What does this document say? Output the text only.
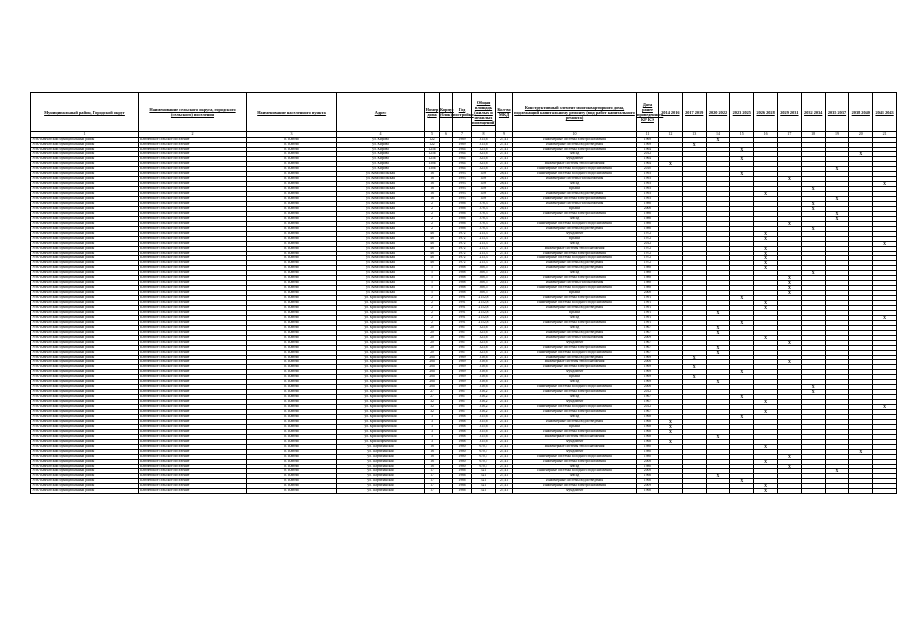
Муниципальный район, Городской округ	Наименование сельского округа, городского (сельского) поселения	Наименование населенного пункта	Адрес	Номер дома	Корпус (блок)	Год постройки	Общая площадь (жилых и нежилых помещений)	Кол-во МКД	Конструктивный элемент многоквартирного дома, подлежащий капитальному ремонту (вид работ капитального ремонта)	Дата ранее проведенного КР КЭ	2014 2016	2017 2019	2020 2022	2023 2025	2026 2028	2029 2031	2032 2034	2035 2037	2038 2040	2041 2043
1	2	3	4	5	6	7	8	9	10	11	12	13	14	15	16	17	18	19	20	21
Усть-Камчатский муниципальный район	Ключевское сельское поселение	п. Ключи	ул. Кирова	122		1969	313,6	27,41	Инженерные системы электроснабжения	1969			X							
Усть-Камчатский муниципальный район	Ключевское сельское поселение	п. Ключи	ул. Кирова	122		1969	313,6	27,41	Инженерные системы водоотведения	1969		X								
Усть-Камчатский муниципальный район	Ключевское сельское поселение	п. Ключи	ул. Кирова	125а		1964	323,6	27,41	Инженерные системы электроснабжения	1964				X						
Усть-Камчатский муниципальный район	Ключевское сельское поселение	п. Ключи	ул. Кирова	125а		1964	323,6	27,41	Фасад	2012									X	
Усть-Камчатский муниципальный район	Ключевское сельское поселение	п. Ключи	ул. Кирова	125а		1964	323,6	27,41	Фундамент	1964				X						
Усть-Камчатский муниципальный район	Ключевское сельское поселение	п. Ключи	ул. Кирова	130а		1964	323,6	27,41	Инженерные системы теплоснабжения	1964	X									
Усть-Камчатский муниципальный район	Ключевское сельское поселение	п. Ключи	ул. Кирова	130а		1964	323,6	27,41	Инженерные системы холодного водоснабжения	2010								X		
Усть-Камчатский муниципальный район	Ключевское сельское поселение	п. Ключи	ул. Комсомольская	16		1993	459	28,41	Инженерные системы холодного водоснабжения	1993				X						
Усть-Камчатский муниципальный район	Ключевское сельское поселение	п. Ключи	ул. Комсомольская	16		1993	459	28,41	Инженерные системы газоснабжения	1993						X				
Усть-Камчатский муниципальный район	Ключевское сельское поселение	п. Ключи	ул. Комсомольская	16		1993	459	28,41	Фасад	1993										X
Усть-Камчатский муниципальный район	Ключевское сельское поселение	п. Ключи	ул. Комсомольская	16		1993	459	28,41	Крыша	1993							X			
Усть-Камчатский муниципальный район	Ключевское сельское поселение	п. Ключи	ул. Комсомольская	16		1993	459	28,41	Инженерные системы водоотведения	1993					X					
Усть-Камчатский муниципальный район	Ключевское сельское поселение	п. Ключи	ул. Комсомольская	16		1993	459	28,41	Инженерные системы электроснабжения	1993								X		
Усть-Камчатский муниципальный район	Ключевское сельское поселение	п. Ключи	ул. Комсомольская	2		1986	378,3	26,41	Инженерные системы газоснабжения	1986							X			
Усть-Камчатский муниципальный район	Ключевское сельское поселение	п. Ключи	ул. Комсомольская	2		1986	378,3	26,41	Крыша	2006							X			
Усть-Камчатский муниципальный район	Ключевское сельское поселение	п. Ключи	ул. Комсомольская	2		1986	378,3	26,41	Инженерные системы электроснабжения	1986								X		
Усть-Камчатский муниципальный район	Ключевское сельское поселение	п. Ключи	ул. Комсомольская	2		1986	378,3	26,41	Фасад	1986								X		
Усть-Камчатский муниципальный район	Ключевское сельское поселение	п. Ключи	ул. Комсомольская	2		1986	378,3	26,41	Инженерные системы холодного водоснабжения	1986						X				
Усть-Камчатский муниципальный район	Ключевское сельское поселение	п. Ключи	ул. Комсомольская	2		1986	378,3	27,41	Инженерные системы водоотведения	1986							X			
Усть-Камчатский муниципальный район	Ключевское сельское поселение	п. Ключи	ул. Комсомольская	46		1972	213,3	27,41	Фундамент	1972					X					
Усть-Камчатский муниципальный район	Ключевское сельское поселение	п. Ключи	ул. Комсомольская	46		1972	213,3	27,41	Крыша	1972					X					
Усть-Камчатский муниципальный район	Ключевское сельское поселение	п. Ключи	ул. Комсомольская	46		1972	213,3	27,41	Фасад	2012										X
Усть-Камчатский муниципальный район	Ключевское сельское поселение	п. Ключи	ул. Комсомольская	46		1972	213,3	27,41	Инженерные системы теплоснабжения	1972					X					
Усть-Камчатский муниципальный район	Ключевское сельское поселение	п. Ключи	ул. Комсомольская	46		1972	213,3	27,41	Инженерные системы электроснабжения	1972					X					
Усть-Камчатский муниципальный район	Ключевское сельское поселение	п. Ключи	ул. Комсомольская	46		1972	213,3	27,41	Инженерные системы холодного водоснабжения	1972					X					
Усть-Камчатский муниципальный район	Ключевское сельское поселение	п. Ключи	ул. Комсомольская	46		1972	213,3	27,41	Инженерные системы водоотведения	1972					X					
Усть-Камчатский муниципальный район	Ключевское сельское поселение	п. Ключи	ул. Комсомольская	5		1988	366,5	20,41	Инженерные системы водоотведения	1988					X					
Усть-Камчатский муниципальный район	Ключевское сельское поселение	п. Ключи	ул. Комсомольская	5		1988	366,5	20,41	Фасад	1988							X			
Усть-Камчатский муниципальный район	Ключевское сельское поселение	п. Ключи	ул. Комсомольская	5		1988	366,5	20,41	Инженерные системы электроснабжения	1988						X				
Усть-Камчатский муниципальный район	Ключевское сельское поселение	п. Ключи	ул. Комсомольская	5		1988	366,5	20,41	Инженерные системы газоснабжения	1988						X				
Усть-Камчатский муниципальный район	Ключевское сельское поселение	п. Ключи	ул. Комсомольская	5		1988	366,5	20,41	Инженерные системы холодного водоснабжения	1988						X				
Усть-Камчатский муниципальный район	Ключевское сельское поселение	п. Ключи	ул. Комсомольская	5		1988	366,5	20,41	Крыша	2008						X				
Усть-Камчатский муниципальный район	Ключевское сельское поселение	п. Ключи	ул. Красноармейская	2		1991	2152,8	23,41	Инженерные системы электроснабжения	1991				X						
Усть-Камчатский муниципальный район	Ключевское сельское поселение	п. Ключи	ул. Красноармейская	2		1991	2152,8	23,41	Инженерные системы холодного водоснабжения	1991					X					
Усть-Камчатский муниципальный район	Ключевское сельское поселение	п. Ключи	ул. Красноармейская	2		1991	2152,8	23,41	Инженерные системы водоотведения	1991					X					
Усть-Камчатский муниципальный район	Ключевское сельское поселение	п. Ключи	ул. Красноармейская	2		1991	2152,8	23,41	Крыша	1991			X							
Усть-Камчатский муниципальный район	Ключевское сельское поселение	п. Ключи	ул. Красноармейская	2		1991	2152,8	23,41	Фасад	1991										X
Усть-Камчатский муниципальный район	Ключевское сельское поселение	п. Ключи	ул. Красноармейская	2		1991	2152,8	23,41	Инженерные системы электроснабжения	1991				X						
Усть-Камчатский муниципальный район	Ключевское сельское поселение	п. Ключи	ул. Красноармейская	20		1967	323,6	27,41	Фасад	1967			X							
Усть-Камчатский муниципальный район	Ключевское сельское поселение	п. Ключи	ул. Красноармейская	20		1967	323,6	27,41	Инженерные системы водоотведения	1967			X							
Усть-Камчатский муниципальный район	Ключевское сельское поселение	п. Ключи	ул. Красноармейская	20		1967	323,6	27,41	Инженерные системы газоснабжения	2009					X					
Усть-Камчатский муниципальный район	Ключевское сельское поселение	п. Ключи	ул. Красноармейская	20		1967	323,6	27,41	Фундамент	1967						X				
Усть-Камчатский муниципальный район	Ключевское сельское поселение	п. Ключи	ул. Красноармейская	20		1967	323,6	27,41	Инженерные системы электроснабжения	1967			X							
Усть-Камчатский муниципальный район	Ключевское сельское поселение	п. Ключи	ул. Красноармейская	20		1967	323,6	27,41	Инженерные системы холодного водоснабжения	1967			X							
Усть-Камчатский муниципальный район	Ключевское сельское поселение	п. Ключи	ул. Красноармейская	26а		1969	318,6	27,41	Инженерные системы водоотведения	1969		X								
Усть-Камчатский муниципальный район	Ключевское сельское поселение	п. Ключи	ул. Красноармейская	26а		1969	318,6	27,41	Инженерные системы теплоснабжения	2006						X				
Усть-Камчатский муниципальный район	Ключевское сельское поселение	п. Ключи	ул. Красноармейская	26а		1969	318,6	27,41	Инженерные системы электроснабжения	1969		X								
Усть-Камчатский муниципальный район	Ключевское сельское поселение	п. Ключи	ул. Красноармейская	26а		1969	318,6	27,41	Фундамент	1969				X						
Усть-Камчатский муниципальный район	Ключевское сельское поселение	п. Ключи	ул. Красноармейская	26а		1969	318,6	27,41	Крыша	1969		X								
Усть-Камчатский муниципальный район	Ключевское сельское поселение	п. Ключи	ул. Красноармейская	26а		1969	318,6	27,41	Фасад	1969			X							
Усть-Камчатский муниципальный район	Ключевское сельское поселение	п. Ключи	ул. Красноармейская	26а		1969	318,6	27,41	Инженерные системы холодного водоснабжения	2006							X			
Усть-Камчатский муниципальный район	Ключевское сельское поселение	п. Ключи	ул. Красноармейская	27		1967	316,2	27,41	Инженерные системы электроснабжения	2012							X			
Усть-Камчатский муниципальный район	Ключевское сельское поселение	п. Ключи	ул. Красноармейская	27		1967	316,2	27,41	Фасад	1967				X						
Усть-Камчатский муниципальный район	Ключевское сельское поселение	п. Ключи	ул. Красноармейская	32		1967	316,2	27,41	Фундамент	1967					X					
Усть-Камчатский муниципальный район	Ключевское сельское поселение	п. Ключи	ул. Красноармейская	32		1967	316,2	27,41	Инженерные системы холодного водоснабжения	2012										X
Усть-Камчатский муниципальный район	Ключевское сельское поселение	п. Ключи	ул. Красноармейская	32		1967	316,2	27,41	Инженерные системы электроснабжения	1967					X					
Усть-Камчатский муниципальный район	Ключевское сельское поселение	п. Ключи	ул. Красноармейская	3		1968	315,6	27,41	Фасад	1968				X						
Усть-Камчатский муниципальный район	Ключевское сельское поселение	п. Ключи	ул. Красноармейская	3		1968	315,6	27,41	Инженерные системы водоотведения	1968	X									
Усть-Камчатский муниципальный район	Ключевское сельское поселение	п. Ключи	ул. Красноармейская	3		1968	315,6	27,41	Крыша	1968	X									
Усть-Камчатский муниципальный район	Ключевское сельское поселение	п. Ключи	ул. Красноармейская	3		1968	315,6	27,41	Инженерные системы электроснабжения	1968	X									
Усть-Камчатский муниципальный район	Ключевское сельское поселение	п. Ключи	ул. Красноармейская	3		1968	315,6	27,41	Инженерные системы теплоснабжения	1968			X							
Усть-Камчатский муниципальный район	Ключевское сельское поселение	п. Ключи	ул. Красноармейская	3		1968	315,6	27,41	Фундамент	1968	X									
Усть-Камчатский муниципальный район	Ключевское сельское поселение	п. Ключи	ул. Партизанская	16		1980	670,7	27,41	Инженерные системы теплоснабжения	1980					X					
Усть-Камчатский муниципальный район	Ключевское сельское поселение	п. Ключи	ул. Партизанская	16		1980	670,7	27,41	Фундамент	1980									X	
Усть-Камчатский муниципальный район	Ключевское сельское поселение	п. Ключи	ул. Партизанская	16		1980	670,7	27,41	Инженерные системы холодного водоснабжения	1980						X				
Усть-Камчатский муниципальный район	Ключевское сельское поселение	п. Ключи	ул. Партизанская	16		1980	670,7	27,41	Инженерные системы электроснабжения	2008					X					
Усть-Камчатский муниципальный район	Ключевское сельское поселение	п. Ключи	ул. Партизанская	16		1980	670,7	27,41	Фасад	1980						X				
Усть-Камчатский муниципальный район	Ключевское сельское поселение	п. Ключи	ул. Партизанская	17		1966	321	27,41	Инженерные системы холодного водоснабжения	2008								X		
Усть-Камчатский муниципальный район	Ключевское сельское поселение	п. Ключи	ул. Партизанская	17		1966	321	27,41	Фасад	1966			X							
Усть-Камчатский муниципальный район	Ключевское сельское поселение	п. Ключи	ул. Партизанская	17		1966	321	27,41	Инженерные системы водоотведения	1966				X						
Усть-Камчатский муниципальный район	Ключевское сельское поселение	п. Ключи	ул. Партизанская	17		1966	321	27,41	Инженерные системы электроснабжения	2009					X					
Усть-Камчатский муниципальный район	Ключевское сельское поселение	п. Ключи	ул. Партизанская	17		1966	321	27,41	Фундамент	1966					X					
